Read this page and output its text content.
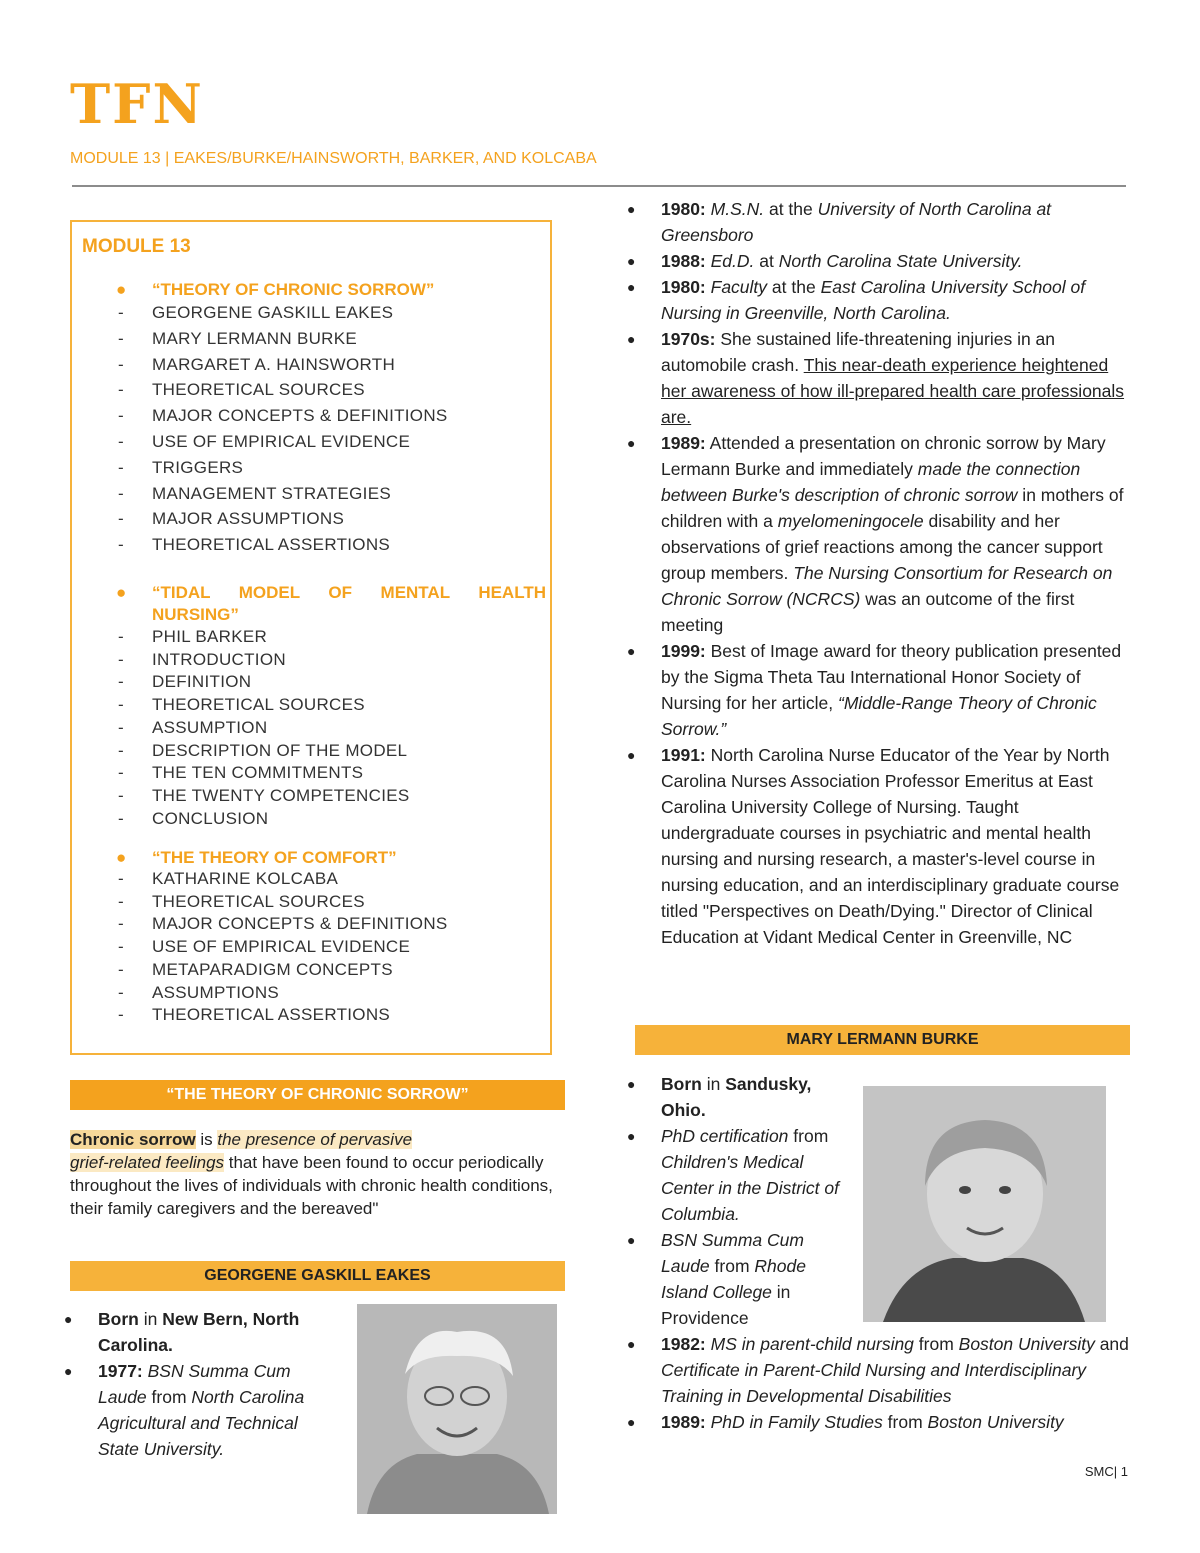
TFN
MODULE 13 | EAKES/BURKE/HAINSWORTH, BARKER, AND KOLCABA
MODULE 13
● “THEORY OF CHRONIC SORROW”
- GEORGENE GASKILL EAKES
- MARY LERMANN BURKE
- MARGARET A. HAINSWORTH
- THEORETICAL SOURCES
- MAJOR CONCEPTS & DEFINITIONS
- USE OF EMPIRICAL EVIDENCE
- TRIGGERS
- MANAGEMENT STRATEGIES
- MAJOR ASSUMPTIONS
- THEORETICAL ASSERTIONS
● “TIDAL MODEL OF MENTAL HEALTH
NURSING”
- PHIL BARKER
- INTRODUCTION
- DEFINITION
- THEORETICAL SOURCES
- ASSUMPTION
- DESCRIPTION OF THE MODEL
- THE TEN COMMITMENTS
- THE TWENTY COMPETENCIES
- CONCLUSION
● “THE THEORY OF COMFORT”
- KATHARINE KOLCABA
- THEORETICAL SOURCES
- MAJOR CONCEPTS & DEFINITIONS
- USE OF EMPIRICAL EVIDENCE
- METAPARADIGM CONCEPTS
- ASSUMPTIONS
- THEORETICAL ASSERTIONS
“THE THEORY OF CHRONIC SORROW”
Chronic sorrow is the presence of pervasive
grief-related feelings that have been found to occur periodically throughout the lives of individuals with chronic health conditions, their family caregivers and the bereaved"
GEORGENE GASKILL EAKES
● Born in New Bern, North Carolina.
● 1977: BSN Summa Cum Laude from North Carolina Agricultural and Technical State University.
● 1980: M.S.N. at the University of North Carolina at Greensboro
● 1988: Ed.D. at North Carolina State University.
● 1980: Faculty at the East Carolina University School of Nursing in Greenville, North Carolina.
● 1970s: She sustained life-threatening injuries in an automobile crash. This near-death experience heightened her awareness of how ill-prepared health care professionals are.
● 1989: Attended a presentation on chronic sorrow by Mary Lermann Burke and immediately made the connection between Burke's description of chronic sorrow in mothers of children with a myelomeningocele disability and her observations of grief reactions among the cancer support group members. The Nursing Consortium for Research on Chronic Sorrow (NCRCS) was an outcome of the first meeting
● 1999: Best of Image award for theory publication presented by the Sigma Theta Tau International Honor Society of Nursing for her article, “Middle-Range Theory of Chronic Sorrow.”
● 1991: North Carolina Nurse Educator of the Year by North Carolina Nurses Association Professor Emeritus at East Carolina University College of Nursing. Taught undergraduate courses in psychiatric and mental health nursing and nursing research, a master's-level course in nursing education, and an interdisciplinary graduate course titled "Perspectives on Death/Dying." Director of Clinical Education at Vidant Medical Center in Greenville, NC
MARY LERMANN BURKE
● Born in Sandusky, Ohio.
● PhD certification from Children's Medical Center in the District of Columbia.
● BSN Summa Cum Laude from Rhode Island College in Providence
● 1982: MS in parent-child nursing from Boston University and Certificate in Parent-Child Nursing and Interdisciplinary Training in Developmental Disabilities
● 1989: PhD in Family Studies from Boston University
SMC| 1
